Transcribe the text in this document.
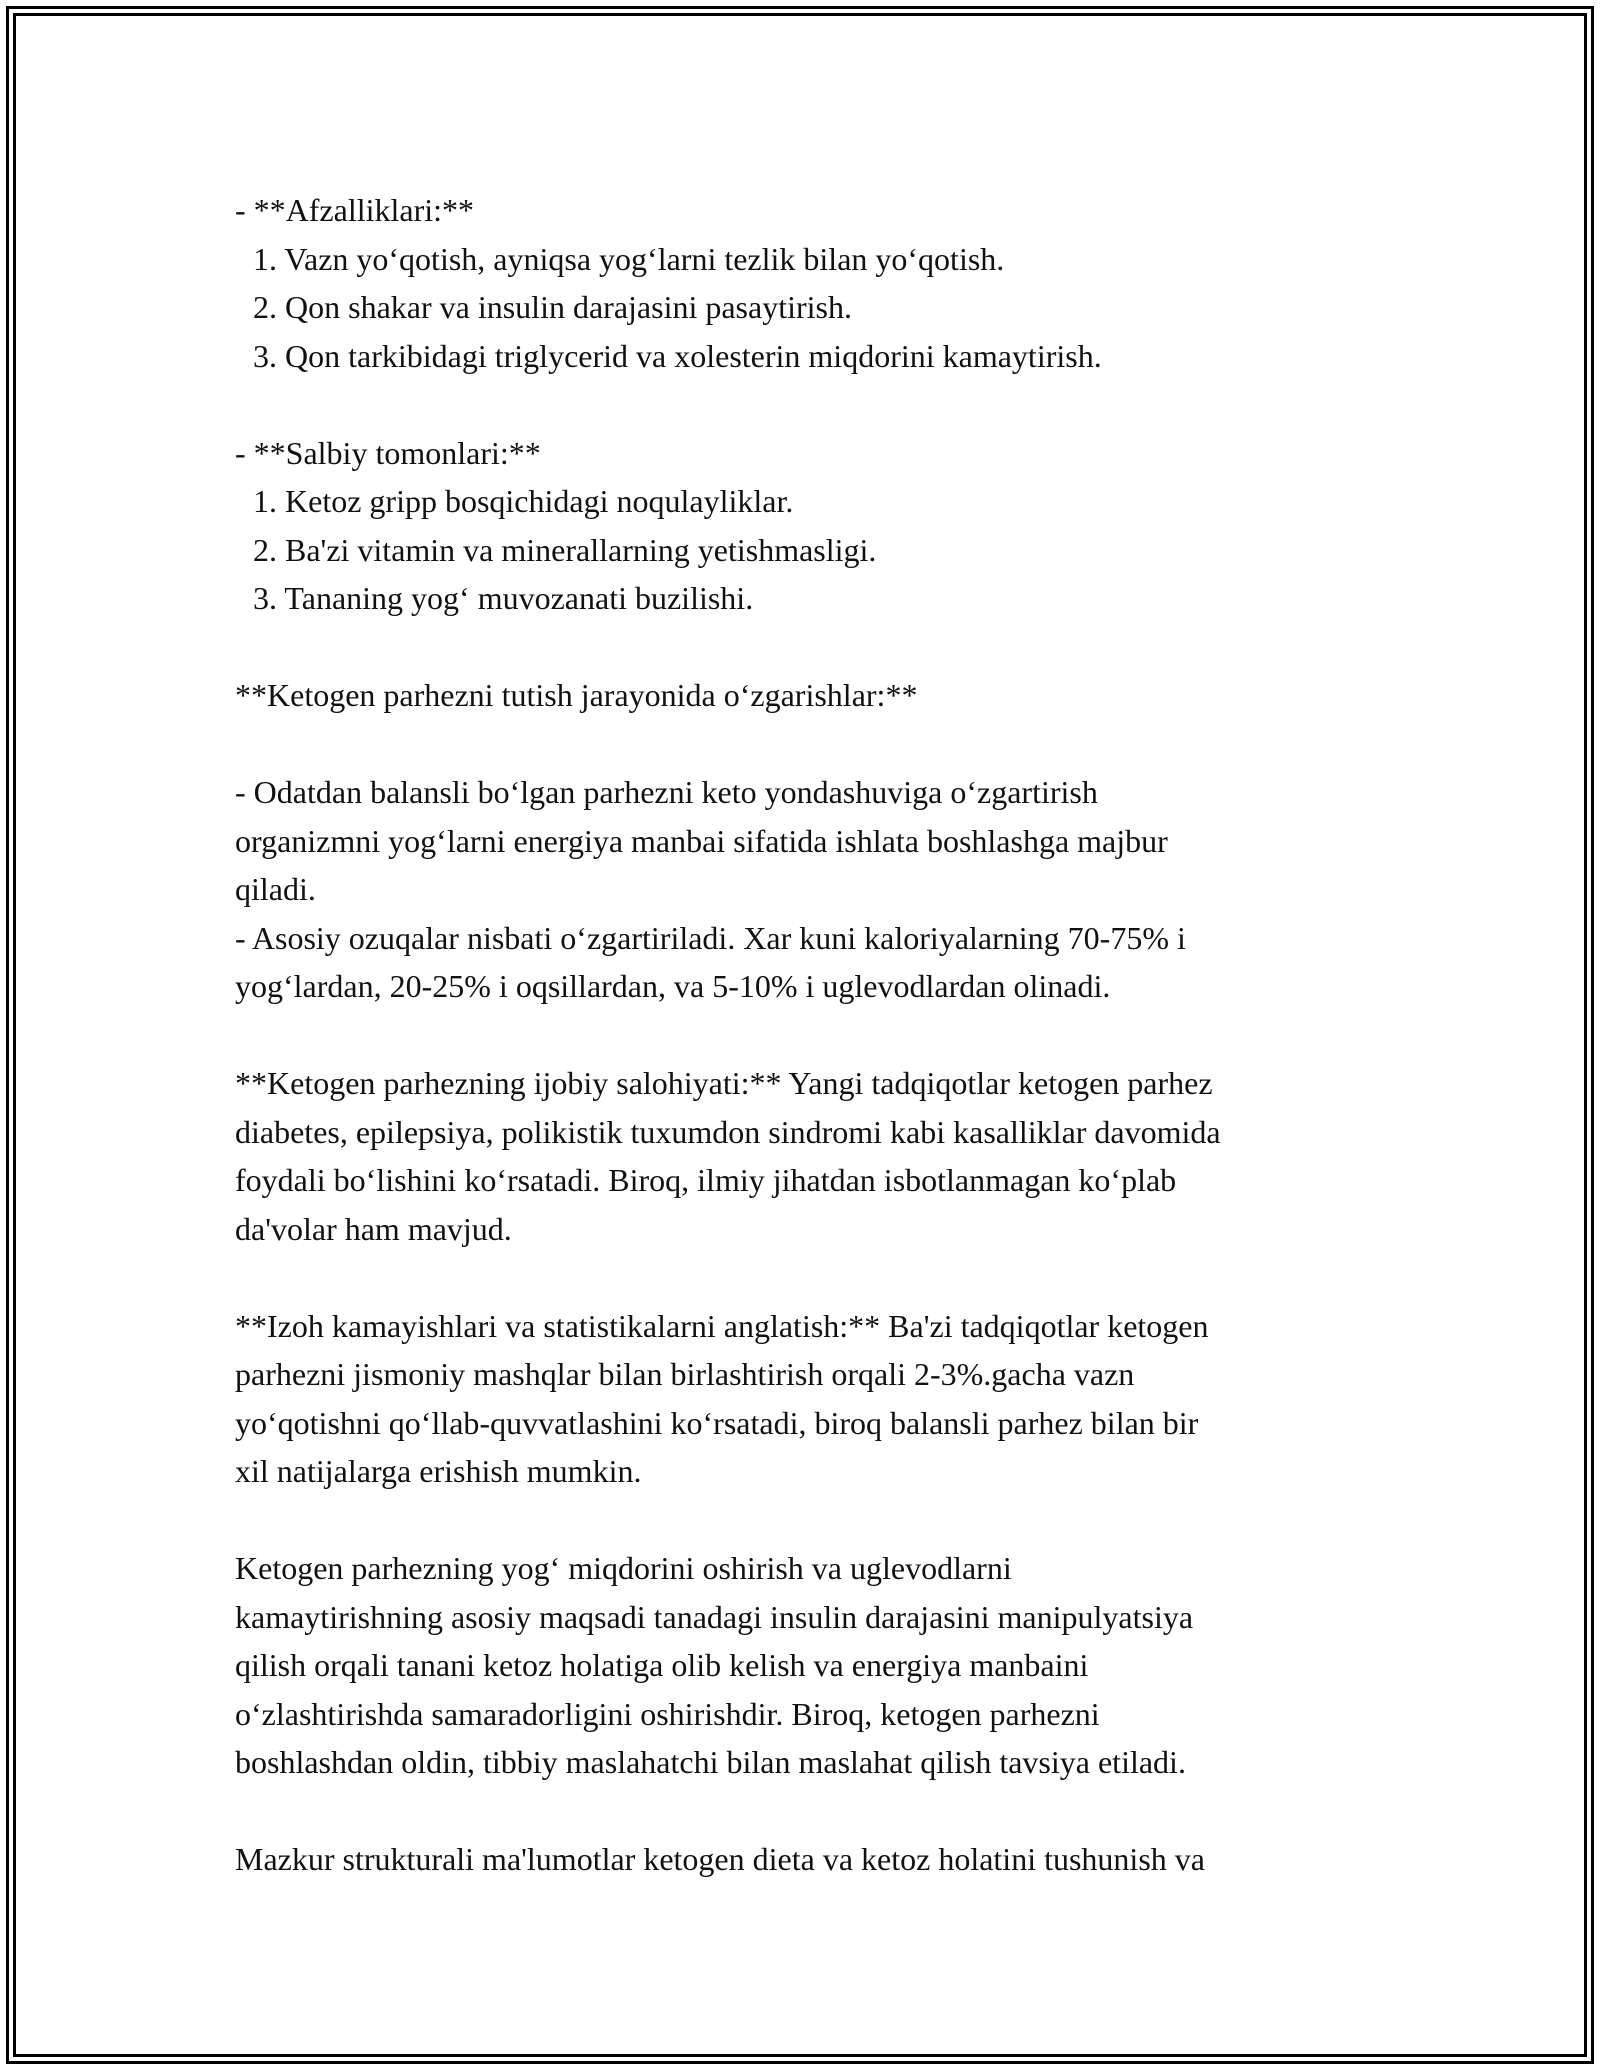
- **Afzalliklari:**
1. Vazn yo‘qotish, ayniqsa yog‘larni tezlik bilan yo‘qotish.
2. Qon shakar va insulin darajasini pasaytirish.
3. Qon tarkibidagi triglycerid va xolesterin miqdorini kamaytirish.
- **Salbiy tomonlari:**
1. Ketoz gripp bosqichidagi noqulayliklar.
2. Ba'zi vitamin va minerallarning yetishmasligi.
3. Tananing yog‘ muvozanati buzilishi.
**Ketogen parhezni tutish jarayonida o‘zgarishlar:**
- Odatdan balansli bo‘lgan parhezni keto yondashuviga o‘zgartirish
organizmni yog‘larni energiya manbai sifatida ishlata boshlashga majbur
qiladi.
- Asosiy ozuqalar nisbati o‘zgartiriladi. Xar kuni kaloriyalarning 70-75% i
yog‘lardan, 20-25% i oqsillardan, va 5-10% i uglevodlardan olinadi.
**Ketogen parhezning ijobiy salohiyati:** Yangi tadqiqotlar ketogen parhez
diabetes, epilepsiya, polikistik tuxumdon sindromi kabi kasalliklar davomida
foydali bo‘lishini ko‘rsatadi. Biroq, ilmiy jihatdan isbotlanmagan ko‘plab
da'volar ham mavjud.
**Izoh kamayishlari va statistikalarni anglatish:** Ba'zi tadqiqotlar ketogen
parhezni jismoniy mashqlar bilan birlashtirish orqali 2-3%.gacha vazn
yo‘qotishni qo‘llab-quvvatlashini ko‘rsatadi, biroq balansli parhez bilan bir
xil natijalarga erishish mumkin.
Ketogen parhezning yog‘ miqdorini oshirish va uglevodlarni
kamaytirishning asosiy maqsadi tanadagi insulin darajasini manipulyatsiya
qilish orqali tanani ketoz holatiga olib kelish va energiya manbaini
o‘zlashtirishda samaradorligini oshirishdir. Biroq, ketogen parhezni
boshlashdan oldin, tibbiy maslahatchi bilan maslahat qilish tavsiya etiladi.
Mazkur strukturali ma'lumotlar ketogen dieta va ketoz holatini tushunish va
